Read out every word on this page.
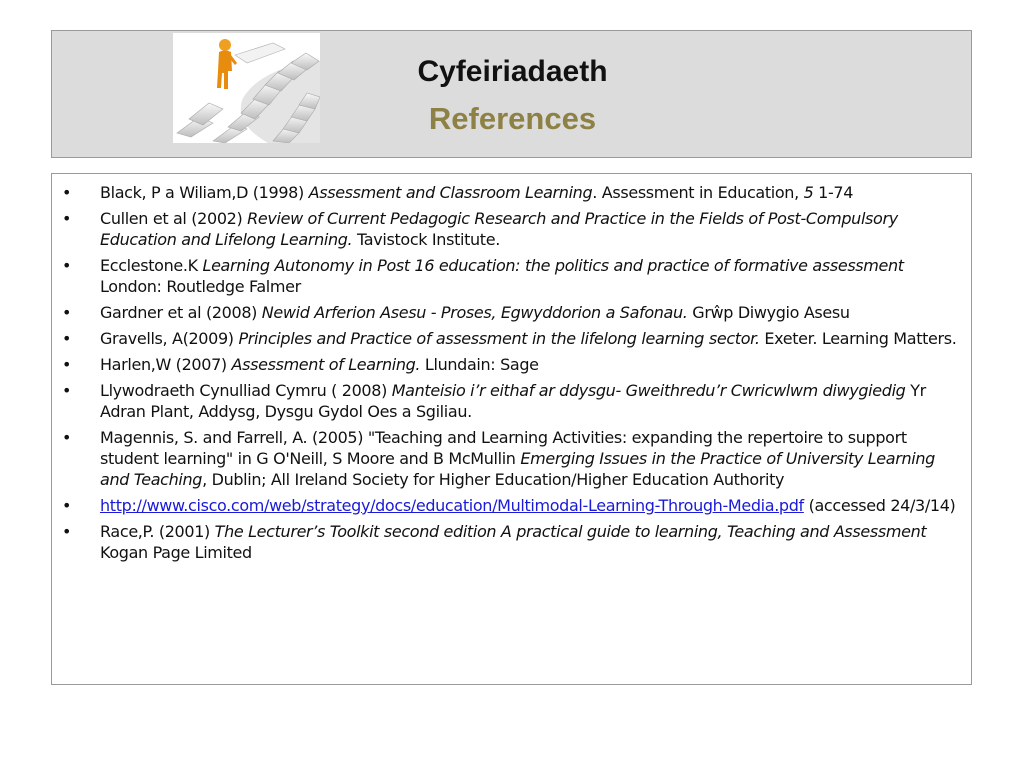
Cyfeiriadaeth
References
• Black, P a Wiliam,D (1998) Assessment and Classroom Learning. Assessment in Education, 5 1-74
• Cullen et al (2002) Review of Current Pedagogic Research and Practice in the Fields of Post-Compulsory Education and Lifelong Learning. Tavistock Institute.
• Ecclestone.K Learning Autonomy in Post 16 education: the politics and practice of formative assessment London: Routledge Falmer
• Gardner et al (2008) Newid Arferion Asesu - Proses, Egwyddorion a Safonau. Grŵp Diwygio Asesu
• Gravells, A(2009) Principles and Practice of assessment in the lifelong learning sector. Exeter. Learning Matters.
• Harlen,W (2007) Assessment of Learning. Llundain: Sage
• Llywodraeth Cynulliad Cymru ( 2008) Manteisio i’r eithaf ar ddysgu- Gweithredu’r Cwricwlwm diwygiedig Yr Adran Plant, Addysg, Dysgu Gydol Oes a Sgiliau.
• Magennis, S. and Farrell, A. (2005) "Teaching and Learning Activities: expanding the repertoire to support student learning" in G O'Neill, S Moore and B McMullin Emerging Issues in the Practice of University Learning and Teaching, Dublin; All Ireland Society for Higher Education/Higher Education Authority
• http://www.cisco.com/web/strategy/docs/education/Multimodal-Learning-Through-Media.pdf (accessed 24/3/14)
• Race,P. (2001) The Lecturer’s Toolkit second edition A practical guide to learning, Teaching and Assessment Kogan Page Limited
